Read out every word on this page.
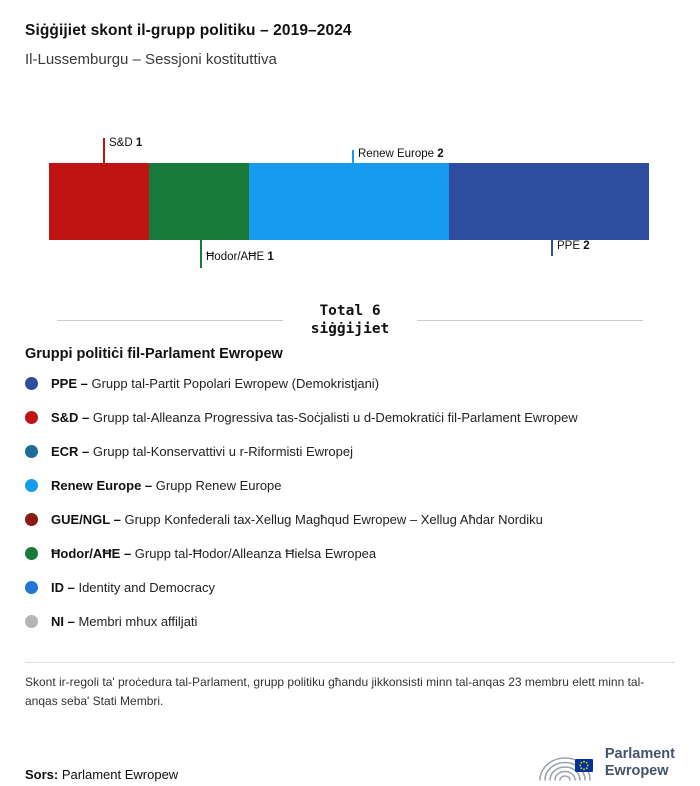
Siġġijiet skont il-grupp politiku – 2019–2024
Il-Lussemburgu – Sessjoni kostituttiva
S&D 1
Renew Europe 2
Ħodor/AĦE 1
PPE 2
Total 6
siġġijiet
Gruppi politiċi fil-Parlament Ewropew
PPE – Grupp tal-Partit Popolari Ewropew (Demokristjani)
S&D – Grupp tal-Alleanza Progressiva tas-Soċjalisti u d-Demokratiċi fil-Parlament Ewropew
ECR – Grupp tal-Konservattivi u r-Riformisti Ewropej
Renew Europe – Grupp Renew Europe
GUE/NGL – Grupp Konfederali tax-Xellug Magħqud Ewropew – Xellug Aħdar Nordiku
Ħodor/AĦE – Grupp tal-Ħodor/Alleanza Ħielsa Ewropea
ID – Identity and Democracy
NI – Membri mhux affiljati

Skont ir-regoli ta' proċedura tal-Parlament, grupp politiku għandu jikkonsisti minn tal-anqas 23 membru elett minn tal-anqas seba' Stati Membri.

Sors: Parlament Ewropew

Parlament
Ewropew
